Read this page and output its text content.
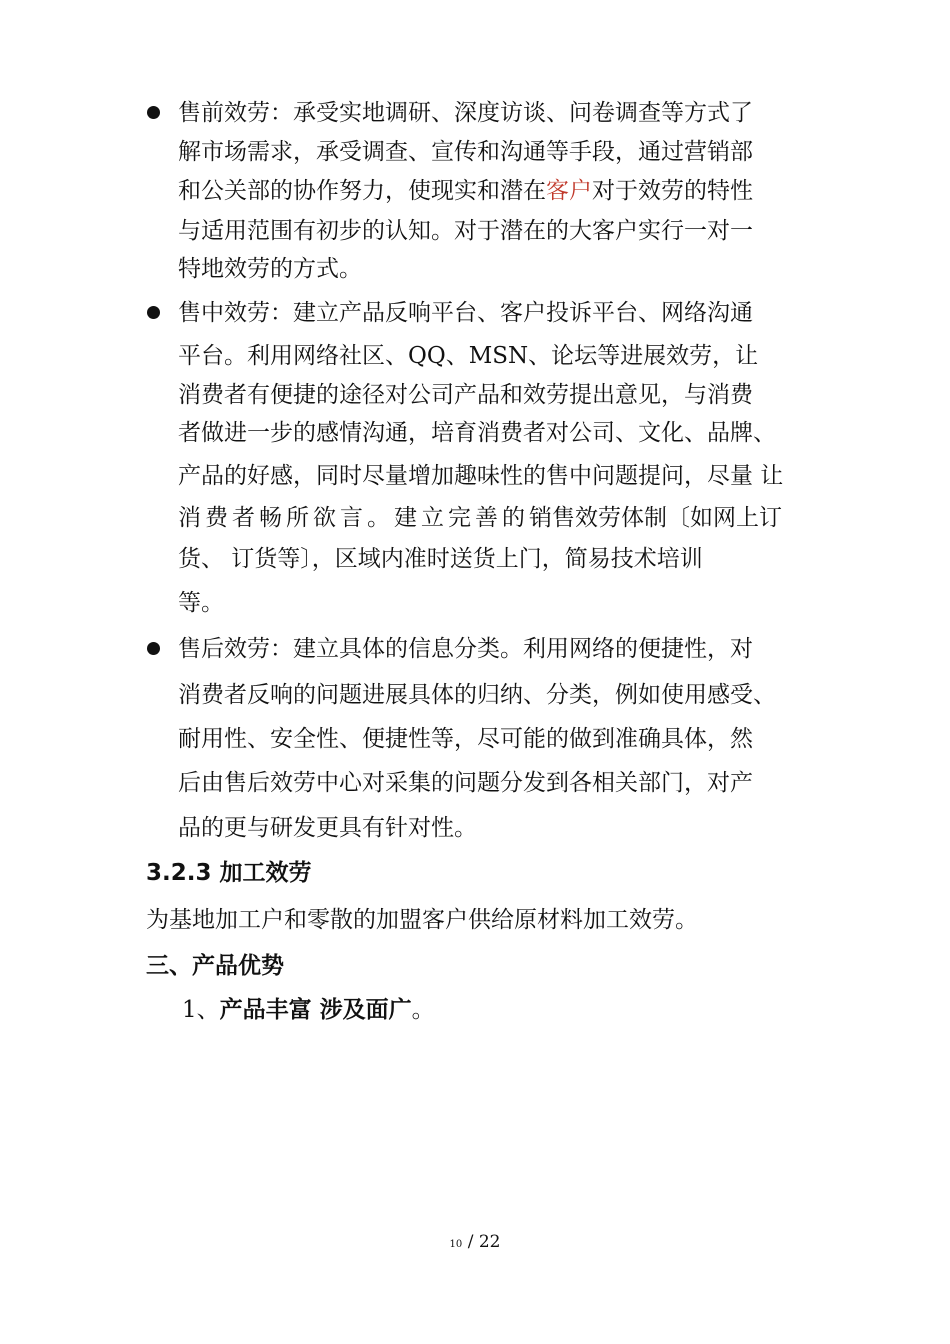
售前效劳：承受实地调研、深度访谈、问卷调查等方式了
解市场需求，承受调查、宣传和沟通等手段，通过营销部
和公关部的协作努力，使现实和潜在客户对于效劳的特性
与适用范围有初步的认知。对于潜在的大客户实行一对一
特地效劳的方式。
售中效劳：建立产品反响平台、客户投诉平台、网络沟通
平台。利用网络社区、QQ、MSN、论坛等进展效劳，让
消费者有便捷的途径对公司产品和效劳提出意见，与消费
者做进一步的感情沟通，培育消费者对公司、文化、品牌、
产品的好感，同时尽量增加趣味性的售中问题提问，尽量 让
消费者畅所欲言。建立完善的销售效劳体制〔如网上订
货、 订货等〕，区域内准时送货上门，简易技术培训
等。
售后效劳：建立具体的信息分类。利用网络的便捷性，对
消费者反响的问题进展具体的归纳、分类，例如使用感受、
耐用性、安全性、便捷性等，尽可能的做到准确具体，然
后由售后效劳中心对采集的问题分发到各相关部门，对产
品的更与研发更具有针对性。
3.2.3 加工效劳
为基地加工户和零散的加盟客户供给原材料加工效劳。
三、产品优势
1、产品丰富 涉及面广。
10 / 22
